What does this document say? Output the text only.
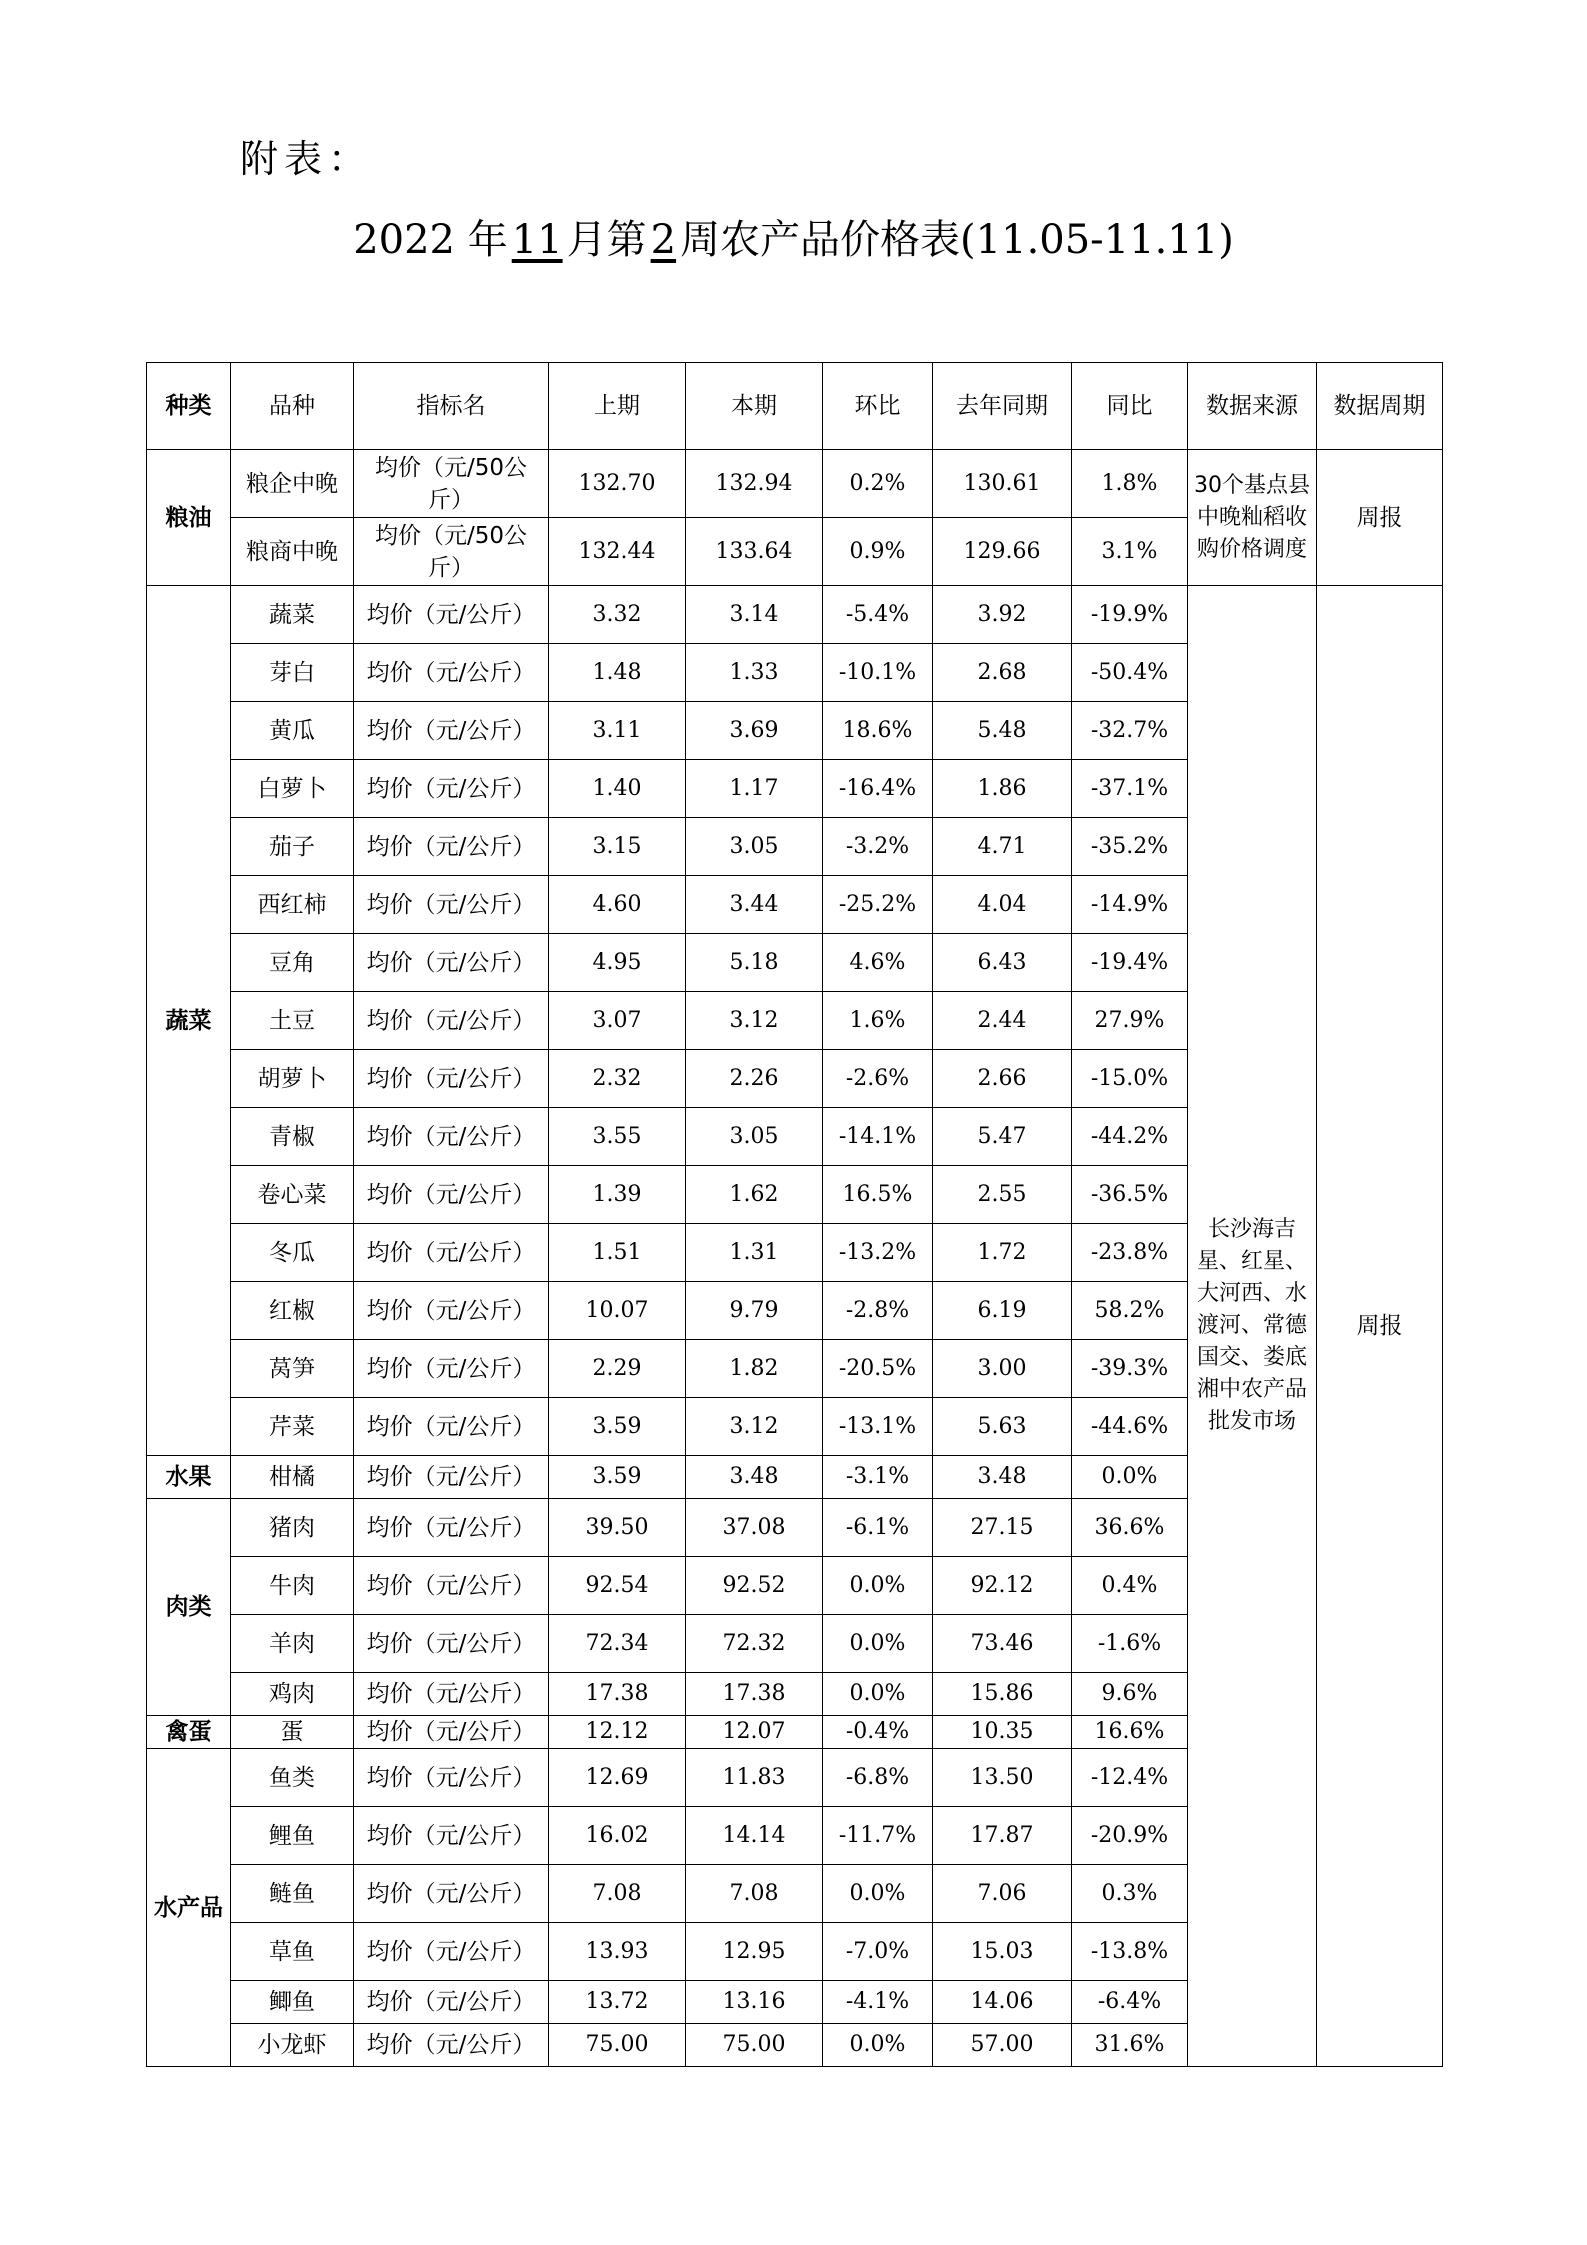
附表：
2022 年 11 月第 2 周农产品价格表(11.05-11.11)
种类	品种	指标名	上期	本期	环比	去年同期	同比	数据来源	数据周期
粮油	粮企中晚	均价（元/50公斤）	132.70	132.94	0.2%	130.61	1.8%	30个基点县中晚籼稻收购价格调度	周报
	粮商中晚	均价（元/50公斤）	132.44	133.64	0.9%	129.66	3.1%		
蔬菜	蔬菜	均价（元/公斤）	3.32	3.14	-5.4%	3.92	-19.9%	长沙海吉星、红星、大河西、水渡河、常德国交、娄底湘中农产品批发市场	周报
	芽白	均价（元/公斤）	1.48	1.33	-10.1%	2.68	-50.4%		
	黄瓜	均价（元/公斤）	3.11	3.69	18.6%	5.48	-32.7%		
	白萝卜	均价（元/公斤）	1.40	1.17	-16.4%	1.86	-37.1%		
	茄子	均价（元/公斤）	3.15	3.05	-3.2%	4.71	-35.2%		
	西红柿	均价（元/公斤）	4.60	3.44	-25.2%	4.04	-14.9%		
	豆角	均价（元/公斤）	4.95	5.18	4.6%	6.43	-19.4%		
	土豆	均价（元/公斤）	3.07	3.12	1.6%	2.44	27.9%		
	胡萝卜	均价（元/公斤）	2.32	2.26	-2.6%	2.66	-15.0%		
	青椒	均价（元/公斤）	3.55	3.05	-14.1%	5.47	-44.2%		
	卷心菜	均价（元/公斤）	1.39	1.62	16.5%	2.55	-36.5%		
	冬瓜	均价（元/公斤）	1.51	1.31	-13.2%	1.72	-23.8%		
	红椒	均价（元/公斤）	10.07	9.79	-2.8%	6.19	58.2%		
	莴笋	均价（元/公斤）	2.29	1.82	-20.5%	3.00	-39.3%		
	芹菜	均价（元/公斤）	3.59	3.12	-13.1%	5.63	-44.6%		
水果	柑橘	均价（元/公斤）	3.59	3.48	-3.1%	3.48	0.0%		
肉类	猪肉	均价（元/公斤）	39.50	37.08	-6.1%	27.15	36.6%		
	牛肉	均价（元/公斤）	92.54	92.52	0.0%	92.12	0.4%		
	羊肉	均价（元/公斤）	72.34	72.32	0.0%	73.46	-1.6%		
	鸡肉	均价（元/公斤）	17.38	17.38	0.0%	15.86	9.6%		
禽蛋	蛋	均价（元/公斤）	12.12	12.07	-0.4%	10.35	16.6%		
水产品	鱼类	均价（元/公斤）	12.69	11.83	-6.8%	13.50	-12.4%		
	鲤鱼	均价（元/公斤）	16.02	14.14	-11.7%	17.87	-20.9%		
	鲢鱼	均价（元/公斤）	7.08	7.08	0.0%	7.06	0.3%		
	草鱼	均价（元/公斤）	13.93	12.95	-7.0%	15.03	-13.8%		
	鲫鱼	均价（元/公斤）	13.72	13.16	-4.1%	14.06	-6.4%		
	小龙虾	均价（元/公斤）	75.00	75.00	0.0%	57.00	31.6%		
